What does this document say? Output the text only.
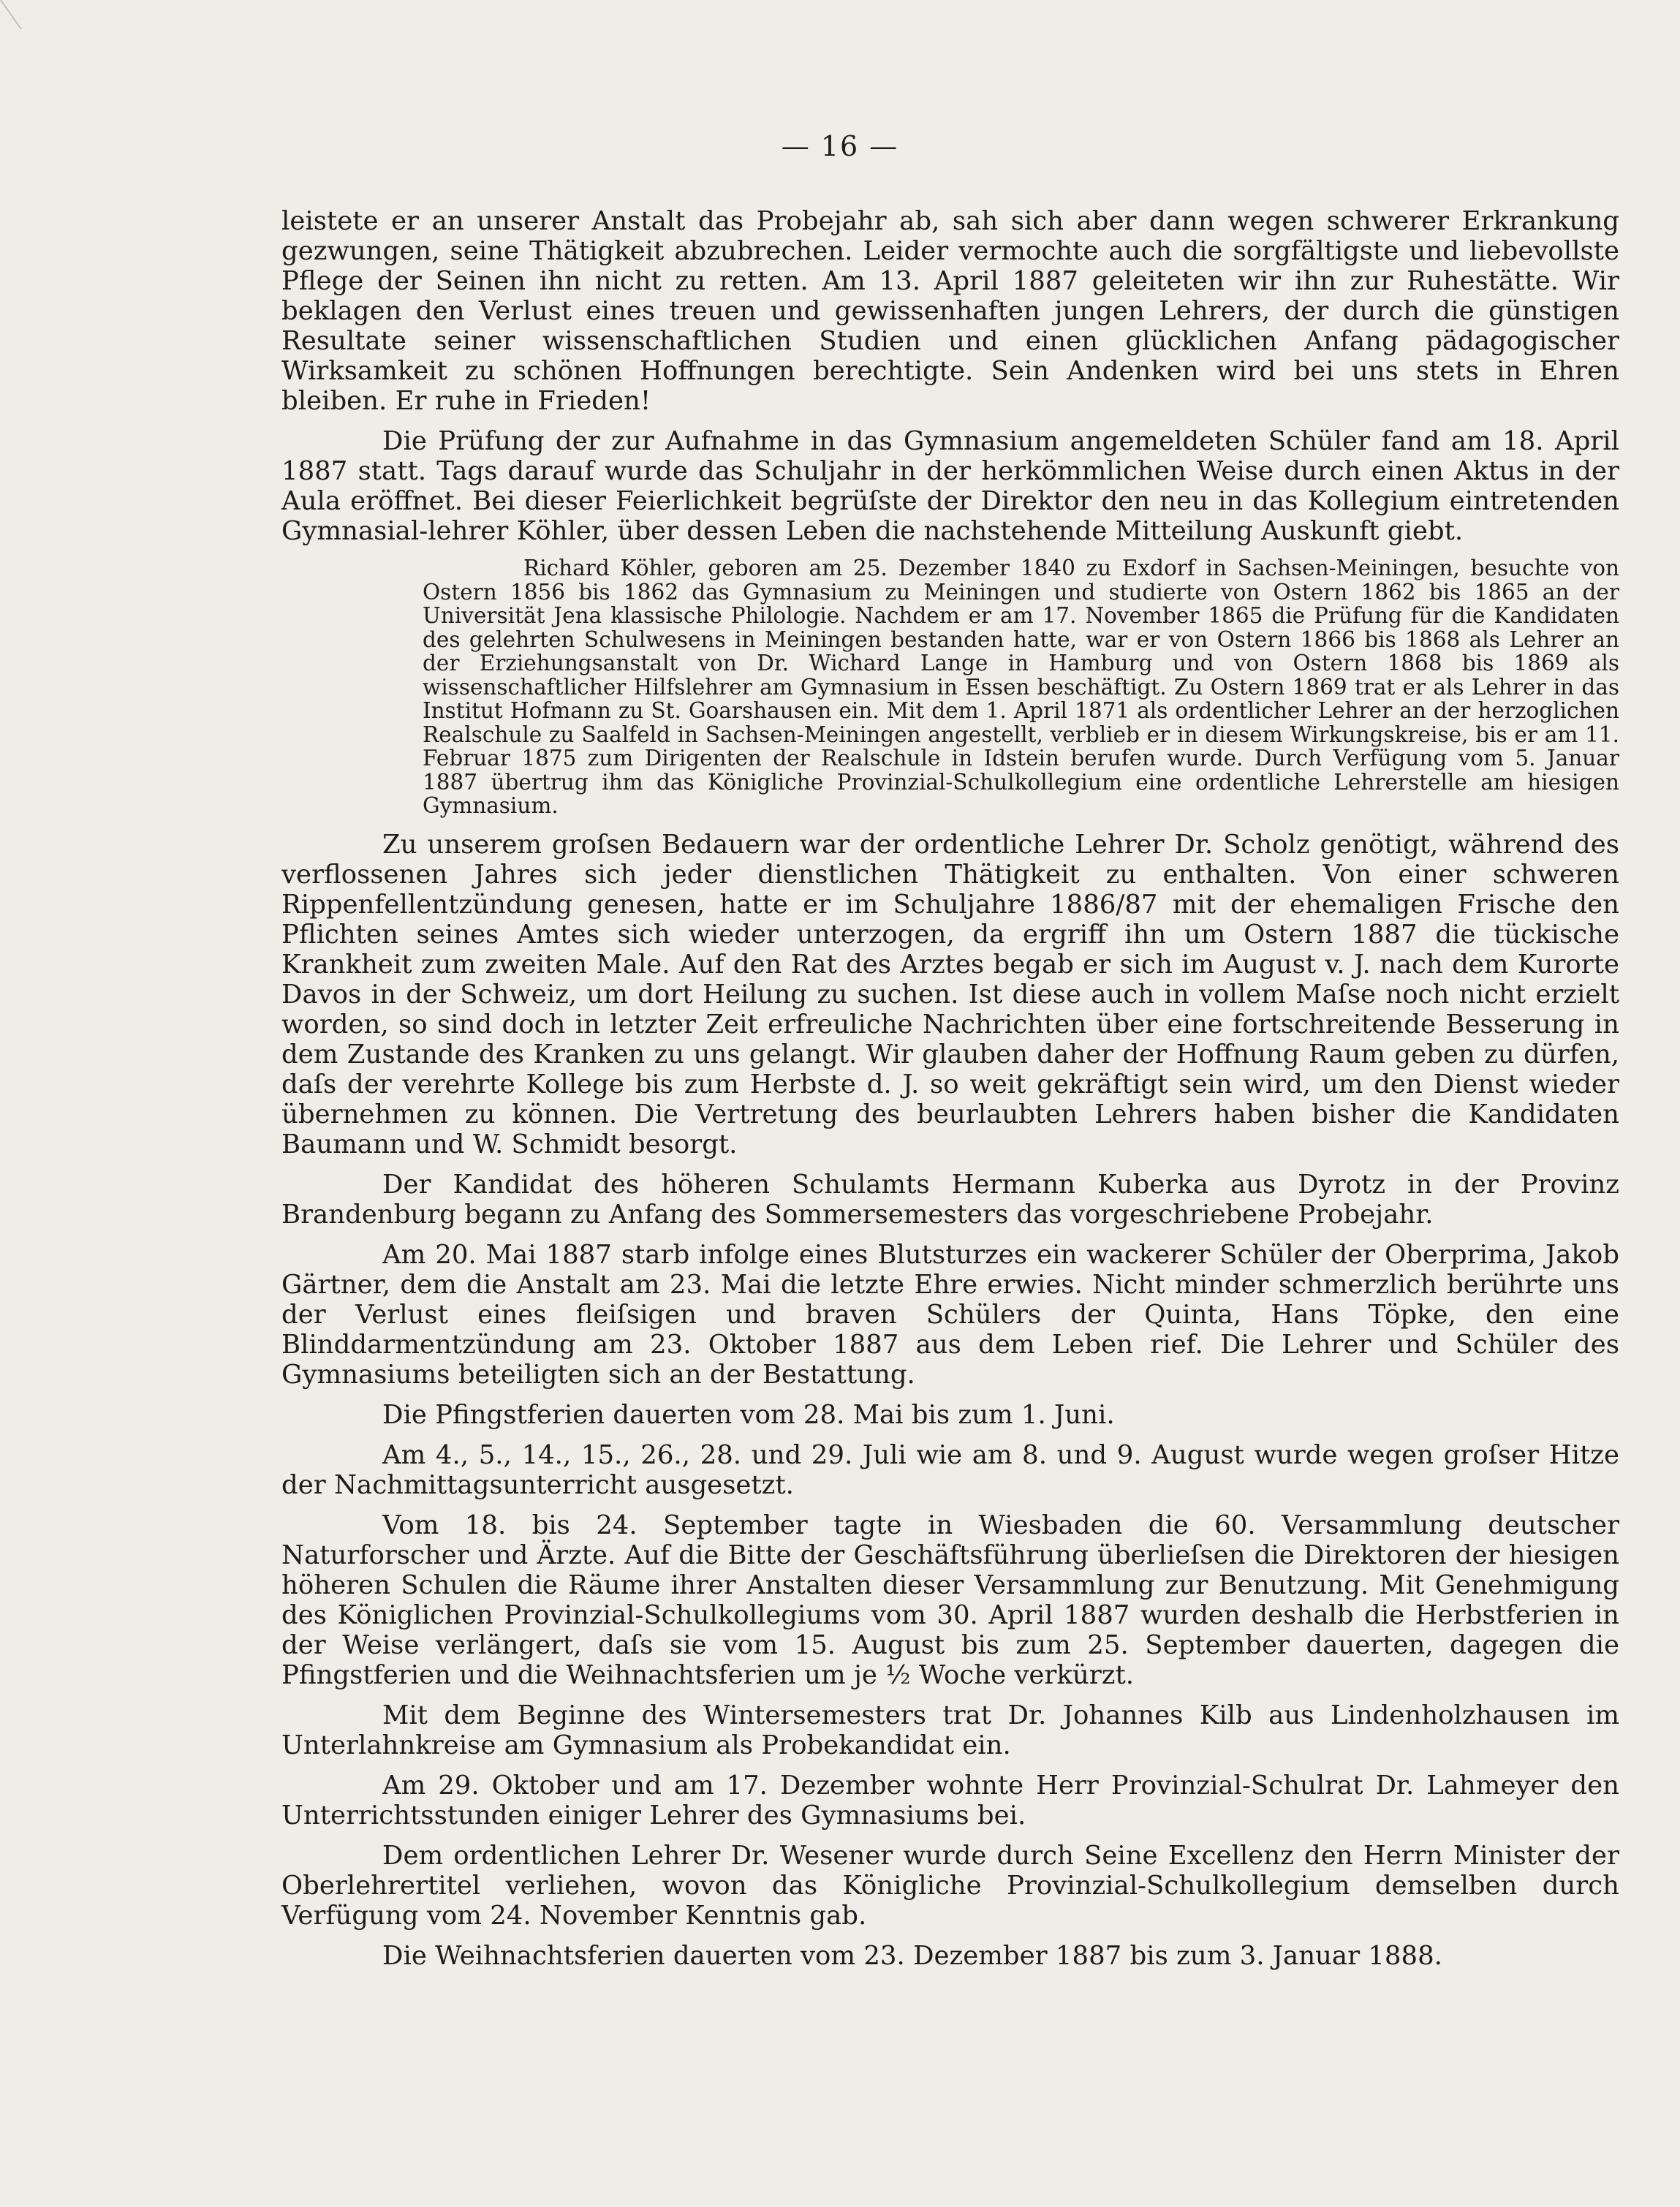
— 16 —

leistete er an unserer Anstalt das Probejahr ab, sah sich aber dann wegen schwerer Erkrankung gezwungen, seine Thätigkeit abzubrechen. Leider vermochte auch die sorgfältigste und liebevollste Pflege der Seinen ihn nicht zu retten. Am 13. April 1887 geleiteten wir ihn zur Ruhestätte. Wir beklagen den Verlust eines treuen und gewissenhaften jungen Lehrers, der durch die günstigen Resultate seiner wissenschaftlichen Studien und einen glücklichen Anfang pädagogischer Wirksamkeit zu schönen Hoffnungen berechtigte. Sein Andenken wird bei uns stets in Ehren bleiben. Er ruhe in Frieden!

Die Prüfung der zur Aufnahme in das Gymnasium angemeldeten Schüler fand am 18. April 1887 statt. Tags darauf wurde das Schuljahr in der herkömmlichen Weise durch einen Aktus in der Aula eröffnet. Bei dieser Feierlichkeit begrüſste der Direktor den neu in das Kollegium eintretenden Gymnasial-lehrer Köhler, über dessen Leben die nachstehende Mitteilung Auskunft giebt.

Richard Köhler, geboren am 25. Dezember 1840 zu Exdorf in Sachsen-Meiningen, besuchte von Ostern 1856 bis 1862 das Gymnasium zu Meiningen und studierte von Ostern 1862 bis 1865 an der Universität Jena klassische Philologie. Nachdem er am 17. November 1865 die Prüfung für die Kandidaten des gelehrten Schulwesens in Meiningen bestanden hatte, war er von Ostern 1866 bis 1868 als Lehrer an der Erziehungsanstalt von Dr. Wichard Lange in Hamburg und von Ostern 1868 bis 1869 als wissenschaftlicher Hilfslehrer am Gymnasium in Essen beschäftigt. Zu Ostern 1869 trat er als Lehrer in das Institut Hofmann zu St. Goarshausen ein. Mit dem 1. April 1871 als ordentlicher Lehrer an der herzoglichen Realschule zu Saalfeld in Sachsen-Meiningen angestellt, verblieb er in diesem Wirkungskreise, bis er am 11. Februar 1875 zum Dirigenten der Realschule in Idstein berufen wurde. Durch Verfügung vom 5. Januar 1887 übertrug ihm das Königliche Provinzial-Schulkollegium eine ordentliche Lehrerstelle am hiesigen Gymnasium.

Zu unserem groſsen Bedauern war der ordentliche Lehrer Dr. Scholz genötigt, während des verflossenen Jahres sich jeder dienstlichen Thätigkeit zu enthalten. Von einer schweren Rippenfellentzündung genesen, hatte er im Schuljahre 1886/87 mit der ehemaligen Frische den Pflichten seines Amtes sich wieder unterzogen, da ergriff ihn um Ostern 1887 die tückische Krankheit zum zweiten Male. Auf den Rat des Arztes begab er sich im August v. J. nach dem Kurorte Davos in der Schweiz, um dort Heilung zu suchen. Ist diese auch in vollem Maſse noch nicht erzielt worden, so sind doch in letzter Zeit erfreuliche Nachrichten über eine fortschreitende Besserung in dem Zustande des Kranken zu uns gelangt. Wir glauben daher der Hoffnung Raum geben zu dürfen, daſs der verehrte Kollege bis zum Herbste d. J. so weit gekräftigt sein wird, um den Dienst wieder übernehmen zu können. Die Vertretung des beurlaubten Lehrers haben bisher die Kandidaten Baumann und W. Schmidt besorgt.

Der Kandidat des höheren Schulamts Hermann Kuberka aus Dyrotz in der Provinz Brandenburg begann zu Anfang des Sommersemesters das vorgeschriebene Probejahr.

Am 20. Mai 1887 starb infolge eines Blutsturzes ein wackerer Schüler der Oberprima, Jakob Gärtner, dem die Anstalt am 23. Mai die letzte Ehre erwies. Nicht minder schmerzlich berührte uns der Verlust eines fleiſsigen und braven Schülers der Quinta, Hans Töpke, den eine Blinddarmentzündung am 23. Oktober 1887 aus dem Leben rief. Die Lehrer und Schüler des Gymnasiums beteiligten sich an der Bestattung.

Die Pfingstferien dauerten vom 28. Mai bis zum 1. Juni.

Am 4., 5., 14., 15., 26., 28. und 29. Juli wie am 8. und 9. August wurde wegen groſser Hitze der Nachmittagsunterricht ausgesetzt.

Vom 18. bis 24. September tagte in Wiesbaden die 60. Versammlung deutscher Naturforscher und Ärzte. Auf die Bitte der Geschäftsführung überlieſsen die Direktoren der hiesigen höheren Schulen die Räume ihrer Anstalten dieser Versammlung zur Benutzung. Mit Genehmigung des Königlichen Provinzial-Schulkollegiums vom 30. April 1887 wurden deshalb die Herbstferien in der Weise verlängert, daſs sie vom 15. August bis zum 25. September dauerten, dagegen die Pfingstferien und die Weihnachtsferien um je ½ Woche verkürzt.

Mit dem Beginne des Wintersemesters trat Dr. Johannes Kilb aus Lindenholzhausen im Unterlahnkreise am Gymnasium als Probekandidat ein.

Am 29. Oktober und am 17. Dezember wohnte Herr Provinzial-Schulrat Dr. Lahmeyer den Unterrichtsstunden einiger Lehrer des Gymnasiums bei.

Dem ordentlichen Lehrer Dr. Wesener wurde durch Seine Excellenz den Herrn Minister der Oberlehrertitel verliehen, wovon das Königliche Provinzial-Schulkollegium demselben durch Verfügung vom 24. November Kenntnis gab.

Die Weihnachtsferien dauerten vom 23. Dezember 1887 bis zum 3. Januar 1888.
